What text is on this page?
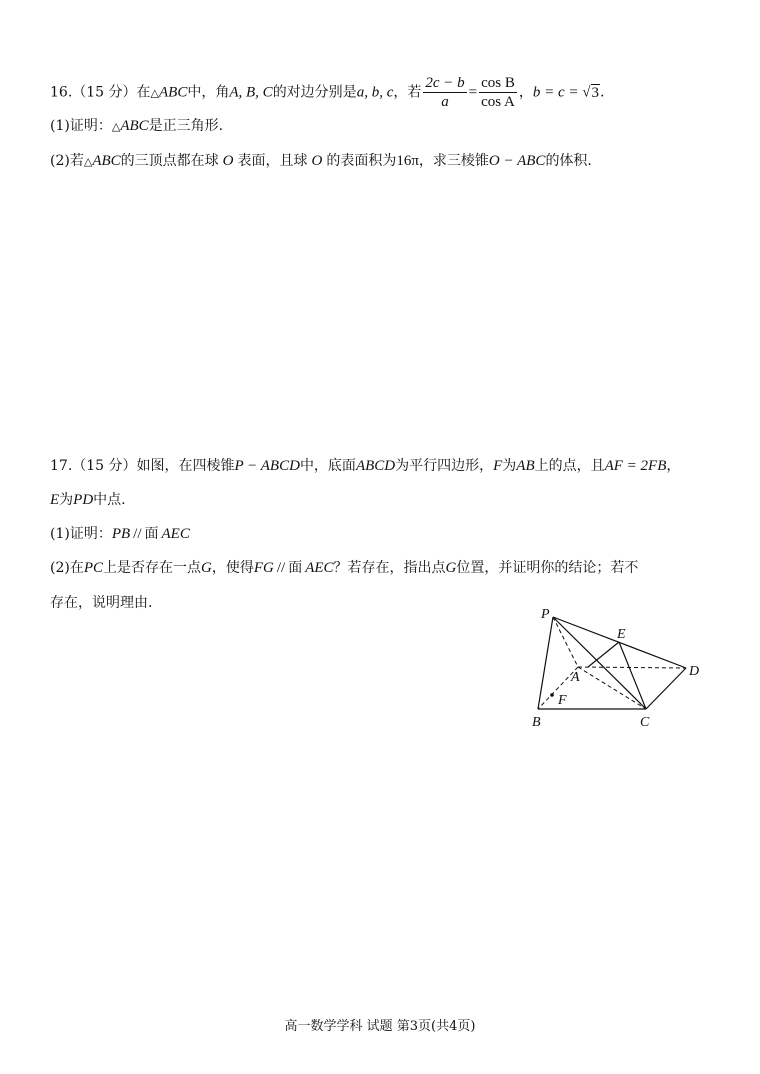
16.（15 分）在△ABC中，角A, B, C的对边分别是a, b, c，若 $\frac{2c - b}{a} = \frac{\text{cos B}}{\text{cos A}}$ ，b = c = √3.
(1)证明：△ABC是正三角形.
(2)若△ABC的三顶点都在球 O 表面，且球 O 的表面积为16π，求三棱锥O − ABC的体积.
17.（15 分）如图，在四棱锥P − ABCD中，底面ABCD为平行四边形，F为AB上的点，且AF = 2FB，
E为PD中点.
(1)证明：PB // 面 AEC
(2)在PC上是否存在一点G，使得FG // 面 AEC？若存在，指出点G位置，并证明你的结论；若不
存在，说明理由.
P
E
D
A
F
B	C
高一数学学科 试题 第3页(共4页)
